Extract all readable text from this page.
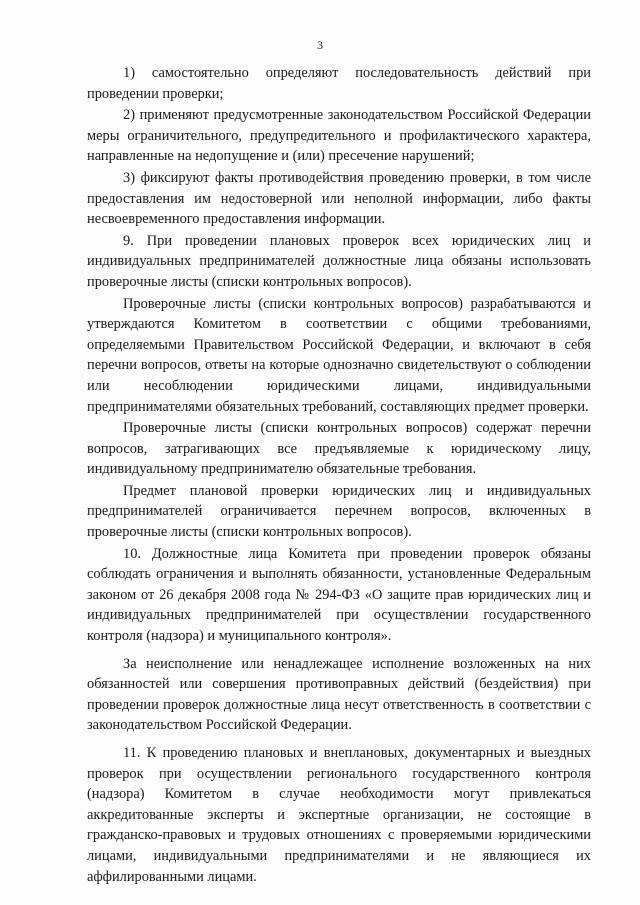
3

1) самостоятельно определяют последовательность действий при проведении проверки;

2) применяют предусмотренные законодательством Российской Федерации меры ограничительного, предупредительного и профилактического характера, направленные на недопущение и (или) пресечение нарушений;

3) фиксируют факты противодействия проведению проверки, в том числе предоставления им недостоверной или неполной информации, либо факты несвоевременного предоставления информации.

9. При проведении плановых проверок всех юридических лиц и индивидуальных предпринимателей должностные лица обязаны использовать проверочные листы (списки контрольных вопросов).

Проверочные листы (списки контрольных вопросов) разрабатываются и утверждаются Комитетом в соответствии с общими требованиями, определяемыми Правительством Российской Федерации, и включают в себя перечни вопросов, ответы на которые однозначно свидетельствуют о соблюдении или несоблюдении юридическими лицами, индивидуальными предпринимателями обязательных требований, составляющих предмет проверки.

Проверочные листы (списки контрольных вопросов) содержат перечни вопросов, затрагивающих все предъявляемые к юридическому лицу, индивидуальному предпринимателю обязательные требования.

Предмет плановой проверки юридических лиц и индивидуальных предпринимателей ограничивается перечнем вопросов, включенных в проверочные листы (списки контрольных вопросов).

10. Должностные лица Комитета при проведении проверок обязаны соблюдать ограничения и выполнять обязанности, установленные Федеральным законом от 26 декабря 2008 года № 294-ФЗ «О защите прав юридических лиц и индивидуальных предпринимателей при осуществлении государственного контроля (надзора) и муниципального контроля».

За неисполнение или ненадлежащее исполнение возложенных на них обязанностей или совершения противоправных действий (бездействия) при проведении проверок должностные лица несут ответственность в соответствии с законодательством Российской Федерации.

11. К проведению плановых и внеплановых, документарных и выездных проверок при осуществлении регионального государственного контроля (надзора) Комитетом в случае необходимости могут привлекаться аккредитованные эксперты и экспертные организации, не состоящие в гражданско-правовых и трудовых отношениях с проверяемыми юридическими лицами, индивидуальными предпринимателями и не являющиеся их аффилированными лицами.
